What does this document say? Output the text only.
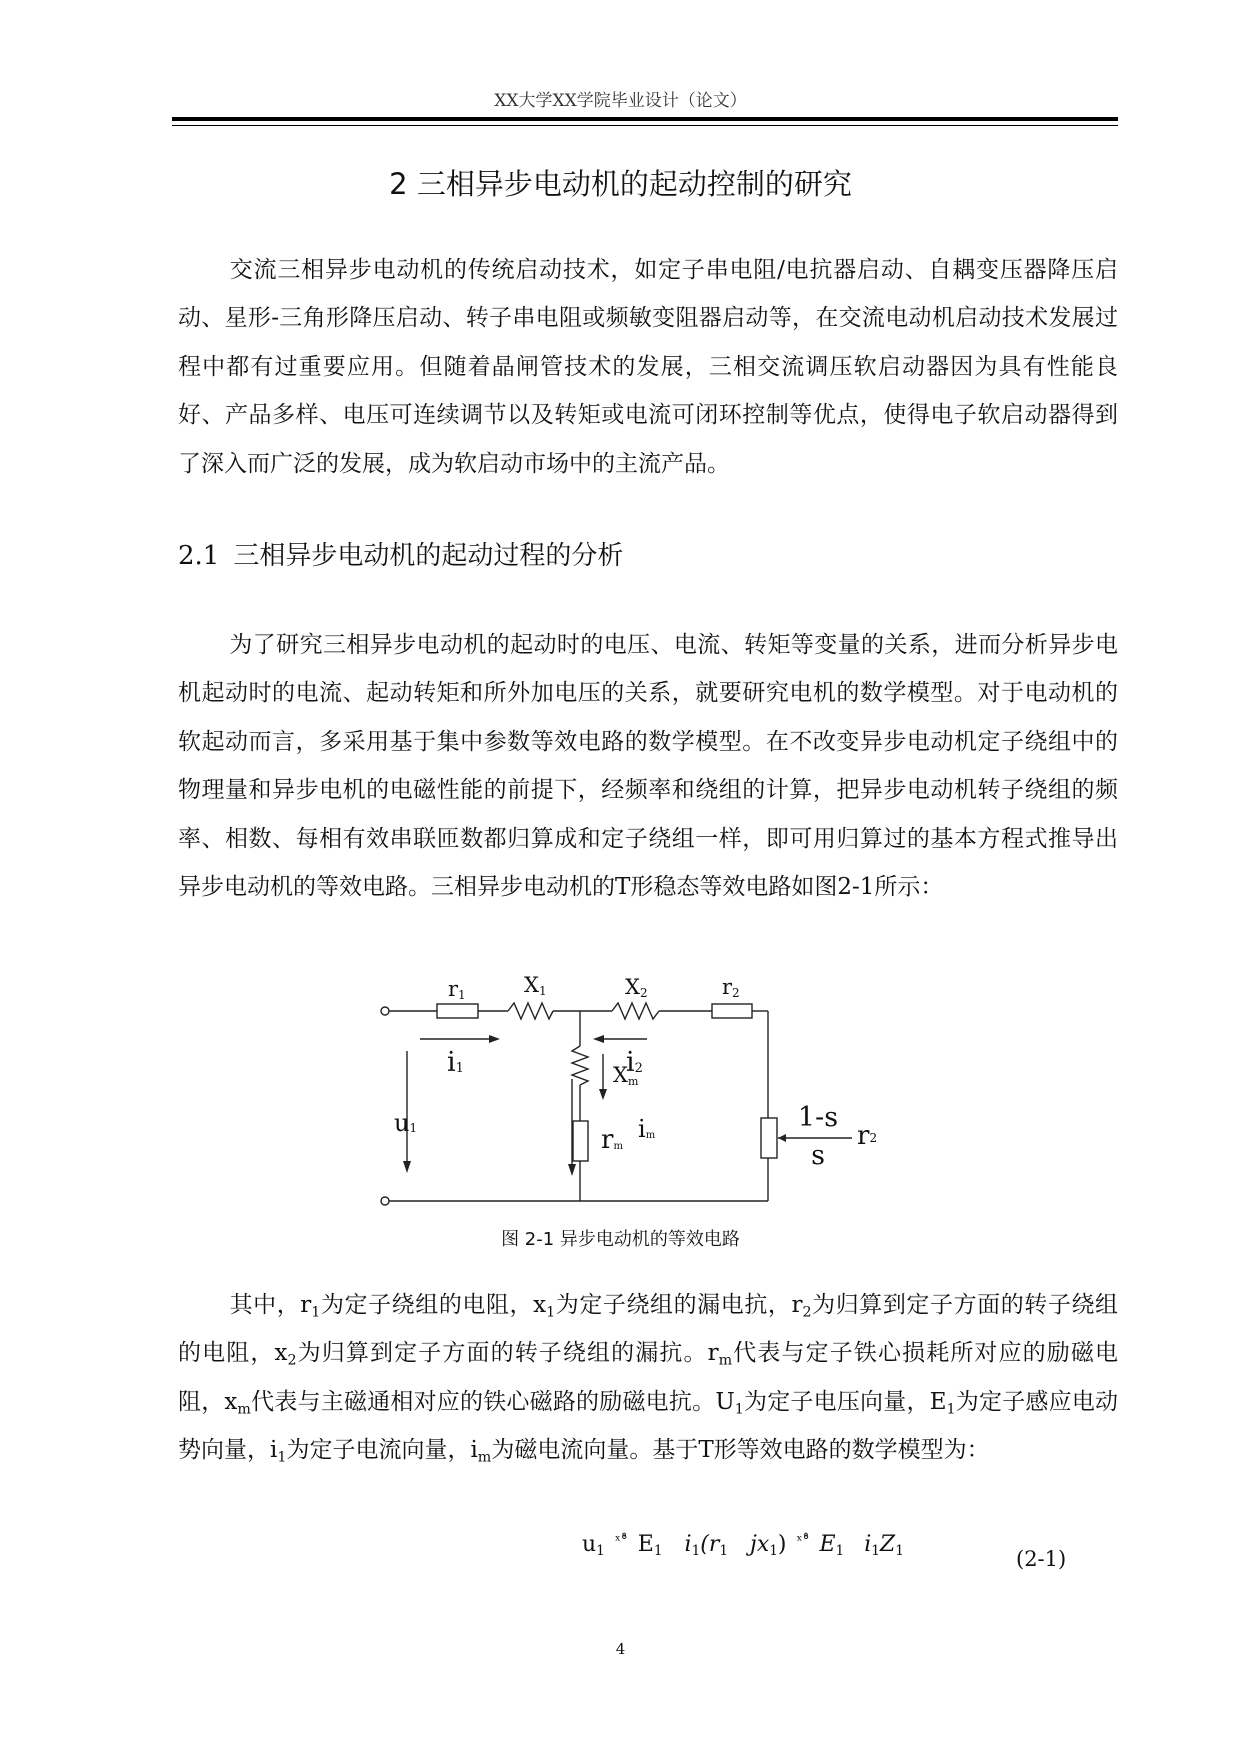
XX大学XX学院毕业设计（论文）
2 三相异步电动机的起动控制的研究
交流三相异步电动机的传统启动技术，如定子串电阻/电抗器启动、自耦变压器降压启动、星形-三角形降压启动、转子串电阻或频敏变阻器启动等，在交流电动机启动技术发展过程中都有过重要应用。但随着晶闸管技术的发展，三相交流调压软启动器因为具有性能良好、产品多样、电压可连续调节以及转矩或电流可闭环控制等优点，使得电子软启动器得到了深入而广泛的发展，成为软启动市场中的主流产品。
2.1 三相异步电动机的起动过程的分析
为了研究三相异步电动机的起动时的电压、电流、转矩等变量的关系，进而分析异步电机起动时的电流、起动转矩和所外加电压的关系，就要研究电机的数学模型。对于电动机的软起动而言，多采用基于集中参数等效电路的数学模型。在不改变异步电动机定子绕组中的物理量和异步电机的电磁性能的前提下，经频率和绕组的计算，把异步电动机转子绕组的频率、相数、每相有效串联匝数都归算成和定子绕组一样，即可用归算过的基本方程式推导出异步电动机的等效电路。三相异步电动机的T形稳态等效电路如图2-1所示：
r1	X1	X2	r2
i1	i2
Xm
u1	rm
im
1-s
s
r2
图 2-1 异步电动机的等效电路
其中，$r_1$为定子绕组的电阻，$x_1$为定子绕组的漏电抗，$r_2$为归算到定子方面的转子绕组的电阻，$x_2$为归算到定子方面的转子绕组的漏抗。$r_m$代表与定子铁心损耗所对应的励磁电阻，$x_m$代表与主磁通相对应的铁心磁路的励磁电抗。$U_1$为定子电压向量，$E_1$为定子感应电动势向量，$i_1$为定子电流向量，$i_m$为磁电流向量。基于T形等效电路的数学模型为：
$u_1^{ˣ^\circ̊}$ $E_1$ $i_1(r_1$ $jx_1$) $^{ˣ^\circ̊}$ $E_1$ $i_1Z_1$	(2-1)
4
